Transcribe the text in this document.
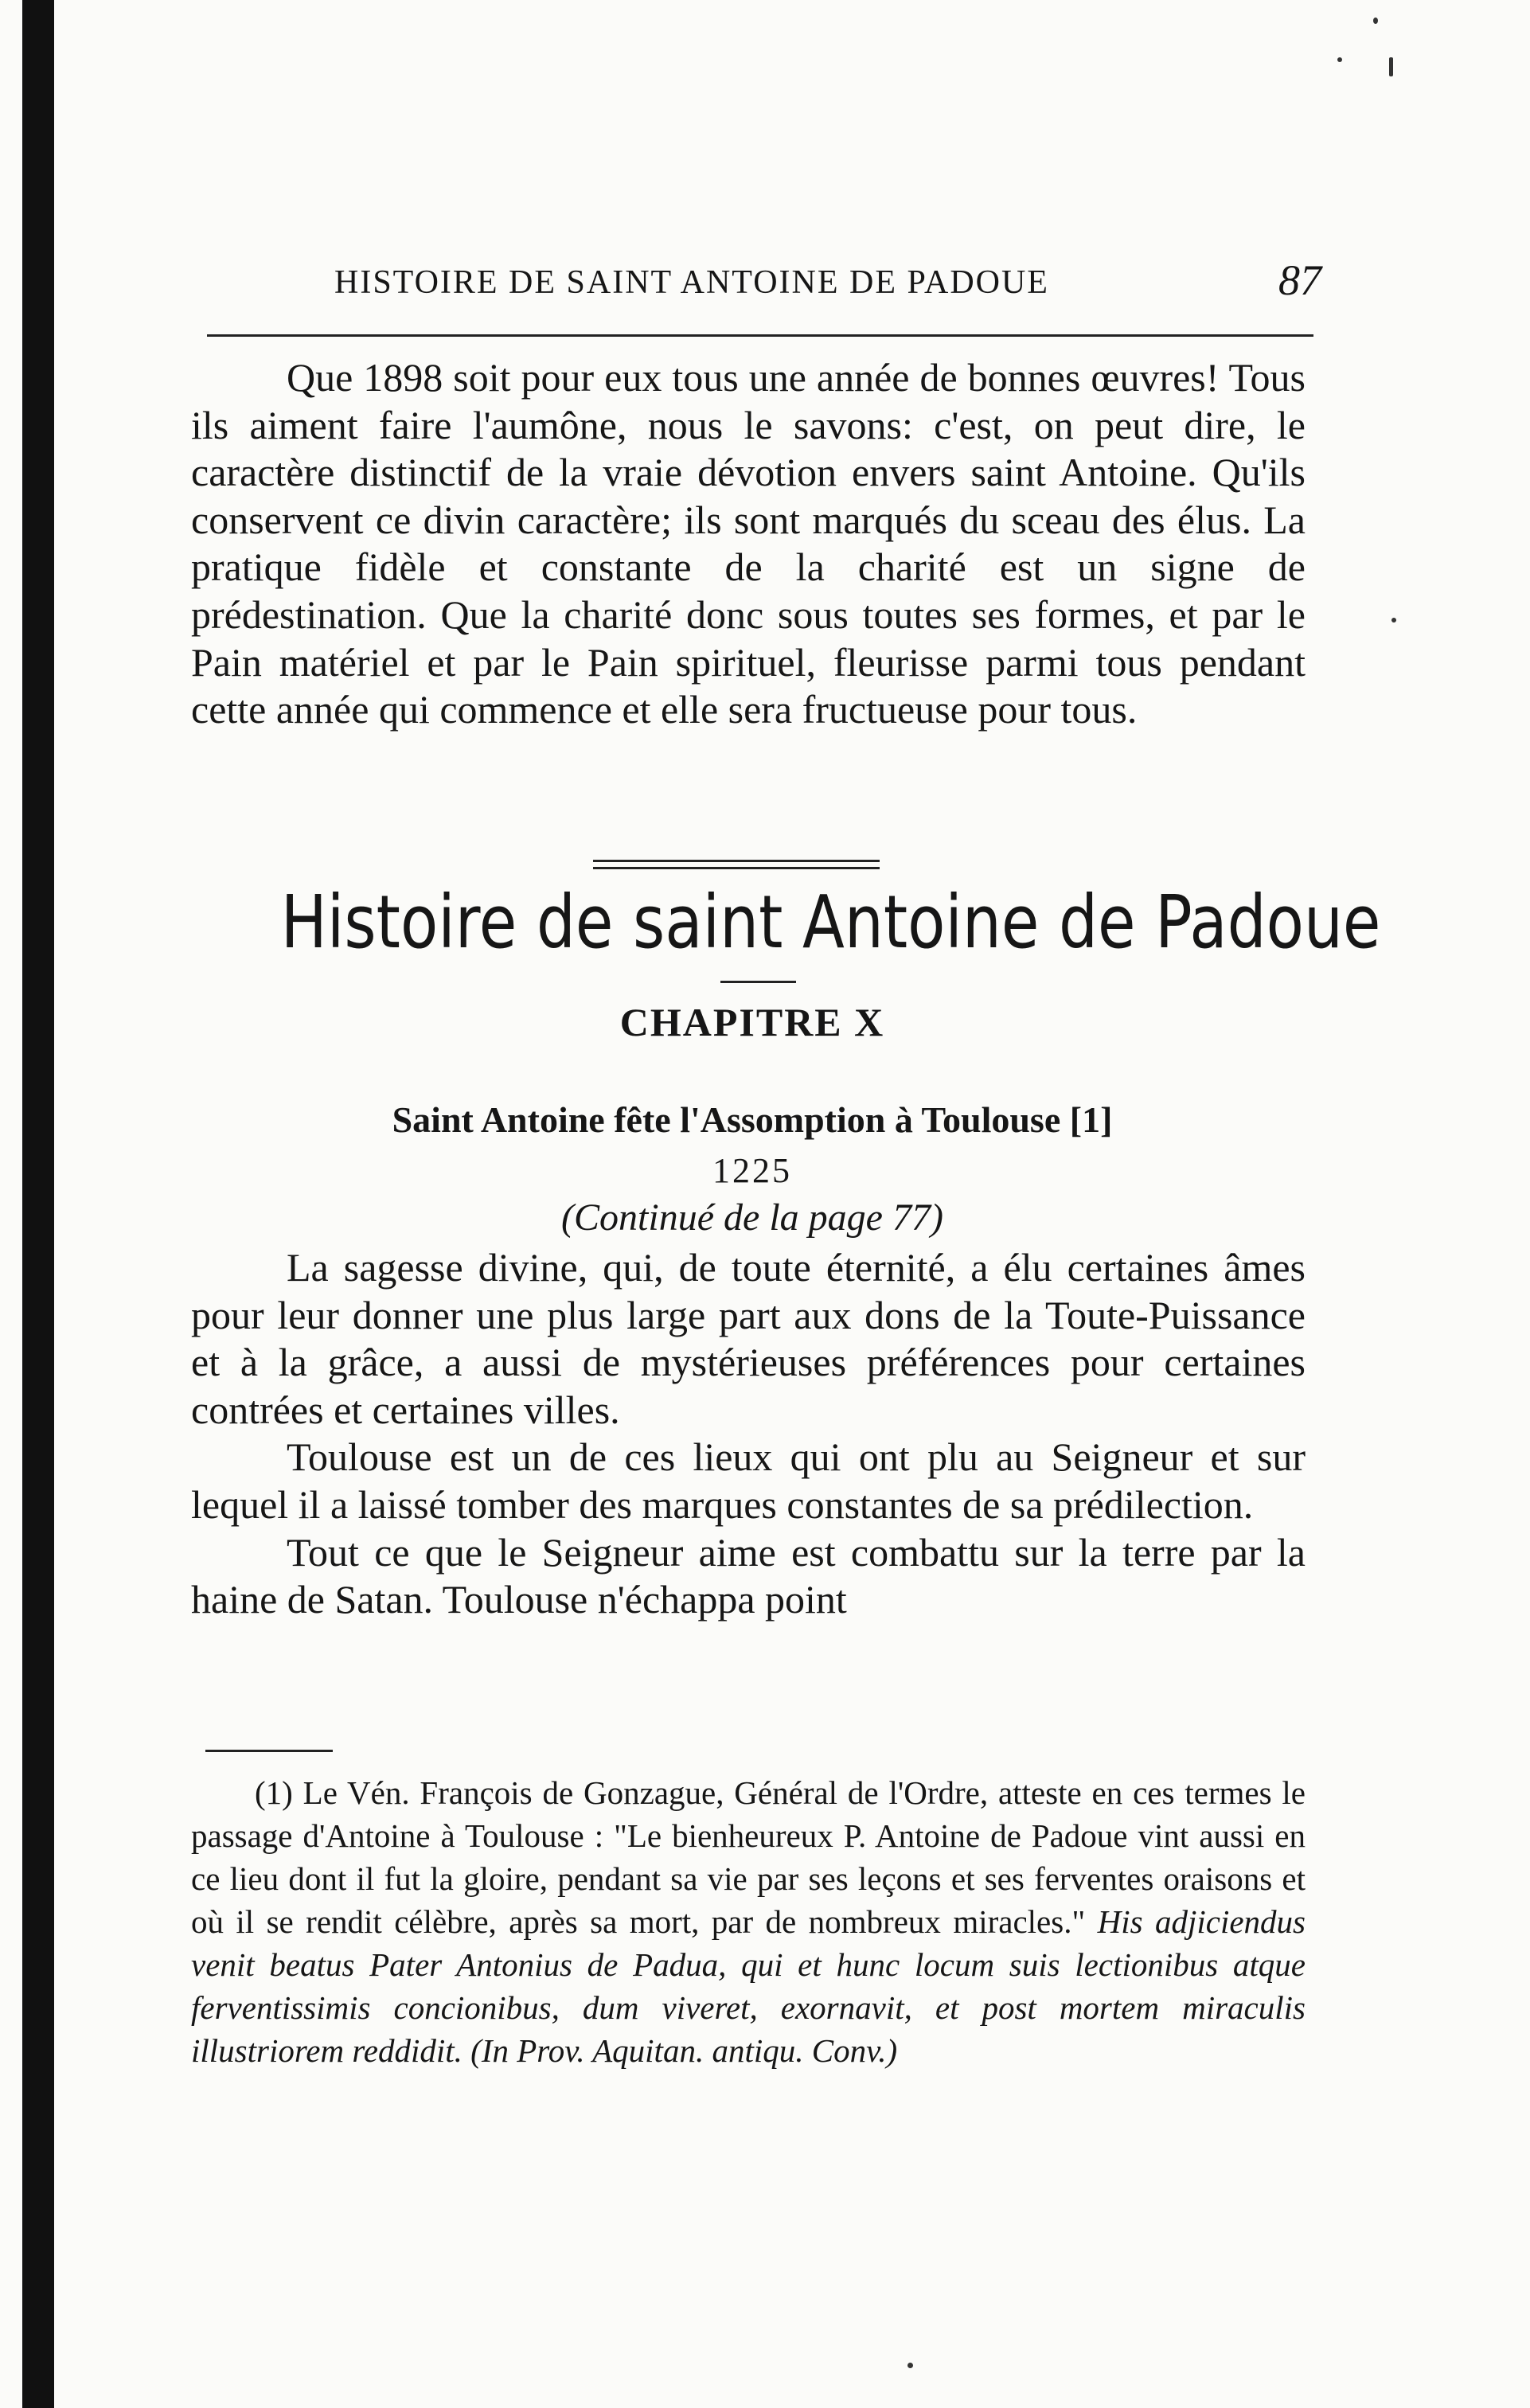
HISTOIRE DE SAINT ANTOINE DE PADOUE	87

Que 1898 soit pour eux tous une année de bonnes œuvres! Tous ils aiment faire l'aumône, nous le savons: c'est, on peut dire, le caractère distinctif de la vraie dévotion envers saint Antoine. Qu'ils conservent ce divin caractère; ils sont marqués du sceau des élus. La pratique fidèle et constante de la charité est un signe de prédestination. Que la charité donc sous toutes ses formes, et par le Pain matériel et par le Pain spirituel, fleurisse parmi tous pendant cette année qui commence et elle sera fructueuse pour tous.

Histoire de saint Antoine de Padoue
CHAPITRE X
Saint Antoine fête l'Assomption à Toulouse [1]
1225
(Continué de la page 77)

La sagesse divine, qui, de toute éternité, a élu certaines âmes pour leur donner une plus large part aux dons de la Toute-Puissance et à la grâce, a aussi de mystérieuses préférences pour certaines contrées et certaines villes.

Toulouse est un de ces lieux qui ont plu au Seigneur et sur lequel il a laissé tomber des marques constantes de sa prédilection.

Tout ce que le Seigneur aime est combattu sur la terre par la haine de Satan. Toulouse n'échappa point

(1) Le Vén. François de Gonzague, Général de l'Ordre, atteste en ces termes le passage d'Antoine à Toulouse : "Le bienheureux P. Antoine de Padoue vint aussi en ce lieu dont il fut la gloire, pendant sa vie par ses leçons et ses ferventes oraisons et où il se rendit célèbre, après sa mort, par de nombreux miracles." His adjiciendus venit beatus Pater Antonius de Padua, qui et hunc locum suis lectionibus atque ferventissimis concionibus, dum viveret, exornavit, et post mortem miraculis illustriorem reddidit. (In Prov. Aquitan. antiqu. Conv.)
